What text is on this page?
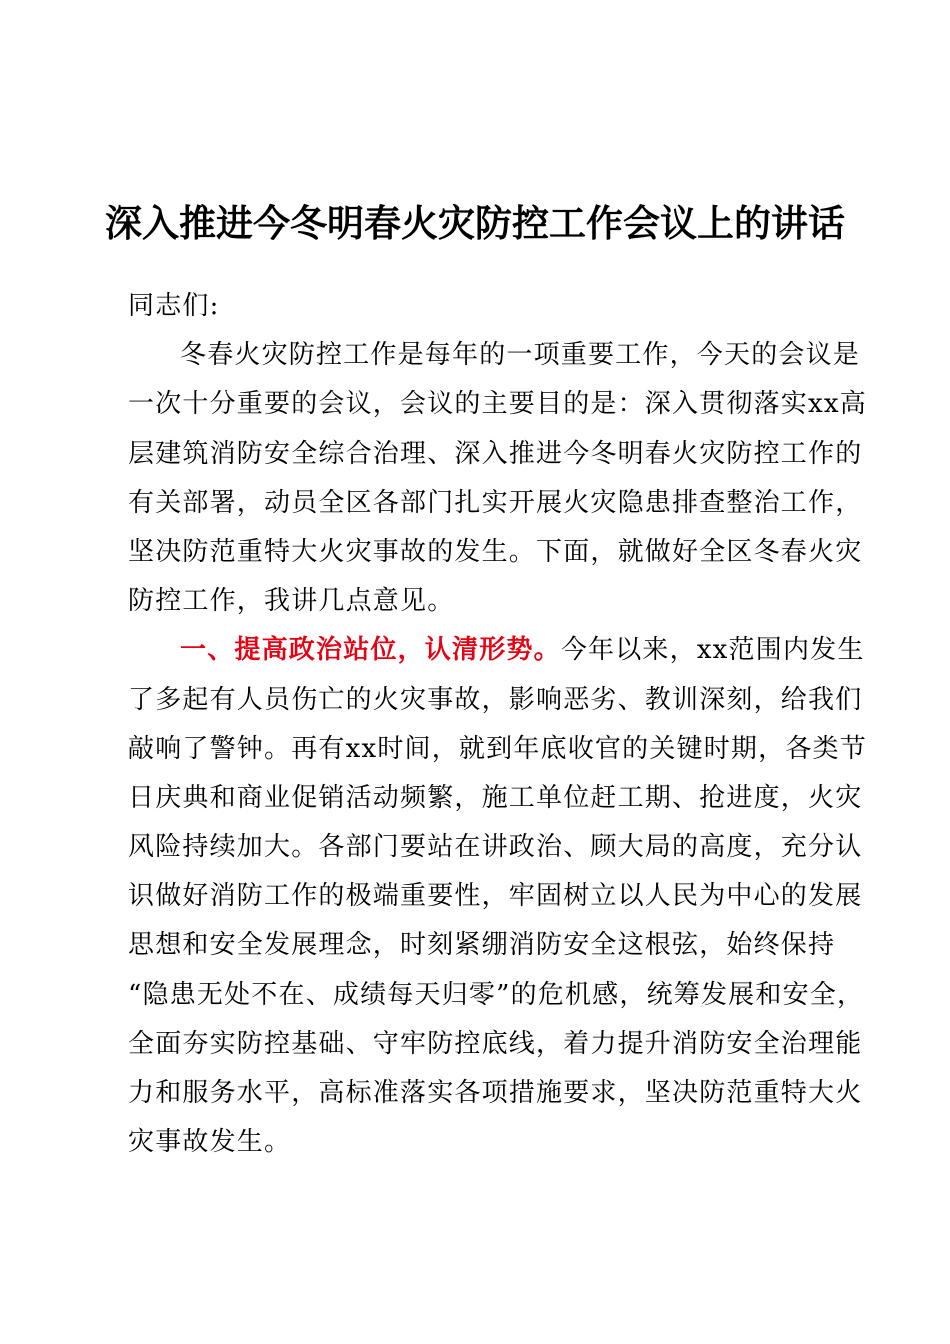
深入推进今冬明春火灾防控工作会议上的讲话
同志们:
冬春火灾防控工作是每年的一项重要工作，今天的会议是
一次十分重要的会议，会议的主要目的是：深入贯彻落实xx高
层建筑消防安全综合治理、深入推进今冬明春火灾防控工作的
有关部署，动员全区各部门扎实开展火灾隐患排查整治工作，
坚决防范重特大火灾事故的发生。下面，就做好全区冬春火灾
防控工作，我讲几点意见。
一、提高政治站位，认清形势。今年以来，xx范围内发生
了多起有人员伤亡的火灾事故，影响恶劣、教训深刻，给我们
敲响了警钟。再有xx时间，就到年底收官的关键时期，各类节
日庆典和商业促销活动频繁，施工单位赶工期、抢进度，火灾
风险持续加大。各部门要站在讲政治、顾大局的高度，充分认
识做好消防工作的极端重要性，牢固树立以人民为中心的发展
思想和安全发展理念，时刻紧绷消防安全这根弦，始终保持
“隐患无处不在、成绩每天归零”的危机感，统筹发展和安全，
全面夯实防控基础、守牢防控底线，着力提升消防安全治理能
力和服务水平，高标准落实各项措施要求，坚决防范重特大火
灾事故发生。
